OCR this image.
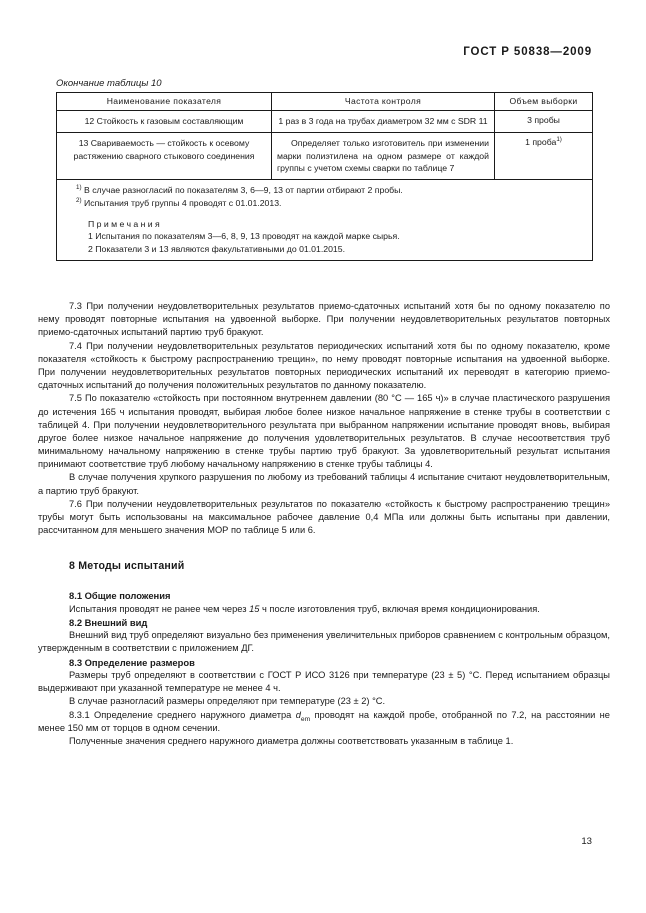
ГОСТ Р 50838—2009
Окончание таблицы 10
Наименование показателя	Частота контроля	Объем выборки
12 Стойкость к газовым составляющим	1 раз в 3 года на трубах диаметром 32 мм с SDR 11	3 пробы
13 Свариваемость — стойкость к осевому растяжению сварного стыкового соединения	Определяет только изготовитель при изменении марки полиэтилена на одном размере от каждой группы с учетом схемы сварки по таблице 7	1 проба$^{1)}$

$^{1)}$ В случае разногласий по показателям 3, 6—9, 13 от партии отбирают 2 пробы.
$^{2)}$ Испытания труб группы 4 проводят с 01.01.2013.
Примечания
1 Испытания по показателям 3—6, 8, 9, 13 проводят на каждой марке сырья.
2 Показатели 3 и 13 являются факультативными до 01.01.2015.		

7.3 При получении неудовлетворительных результатов приемо-сдаточных испытаний хотя бы по одному показателю по нему проводят повторные испытания на удвоенной выборке. При получении неудовлетворительных результатов повторных приемо-сдаточных испытаний партию труб бракуют.

7.4 При получении неудовлетворительных результатов периодических испытаний хотя бы по одному показателю, кроме показателя «стойкость к быстрому распространению трещин», по нему проводят повторные испытания на удвоенной выборке. При получении неудовлетворительных результатов повторных периодических испытаний их переводят в категорию приемо-сдаточных испытаний до получения положительных результатов по данному показателю.

7.5 По показателю «стойкость при постоянном внутреннем давлении (80 °С — 165 ч)» в случае пластического разрушения до истечения 165 ч испытания проводят, выбирая любое более низкое начальное напряжение в стенке трубы в соответствии с таблицей 4. При получении неудовлетворительного результата при выбранном напряжении испытание проводят вновь, выбирая другое более низкое начальное напряжение до получения удовлетворительных результатов. В случае несоответствия труб минимальному начальному напряжению в стенке трубы партию труб бракуют. За удовлетворительный результат испытания принимают соответствие труб любому начальному напряжению в стенке трубы таблицы 4.

В случае получения хрупкого разрушения по любому из требований таблицы 4 испытание считают неудовлетворительным, а партию труб бракуют.

7.6 При получении неудовлетворительных результатов по показателю «стойкость к быстрому распространению трещин» трубы могут быть использованы на максимальное рабочее давление 0,4 МПа или должны быть испытаны при давлении, рассчитанном для меньшего значения МОР по таблице 5 или 6.

8 Методы испытаний
8.1 Общие положения

Испытания проводят не ранее чем через 15 ч после изготовления труб, включая время кондиционирования.

8.2 Внешний вид

Внешний вид труб определяют визуально без применения увеличительных приборов сравнением с контрольным образцом, утвержденным в соответствии с приложением ДГ.

8.3 Определение размеров

Размеры труб определяют в соответствии с ГОСТ Р ИСО 3126 при температуре (23 ± 5) °С. Перед испытанием образцы выдерживают при указанной температуре не менее 4 ч.

В случае разногласий размеры определяют при температуре (23 ± 2) °С.

8.3.1 Определение среднего наружного диаметра $d_{em}$ проводят на каждой пробе, отобранной по 7.2, на расстоянии не менее 150 мм от торцов в одном сечении.

Полученные значения среднего наружного диаметра должны соответствовать указанным в таблице 1.

13
